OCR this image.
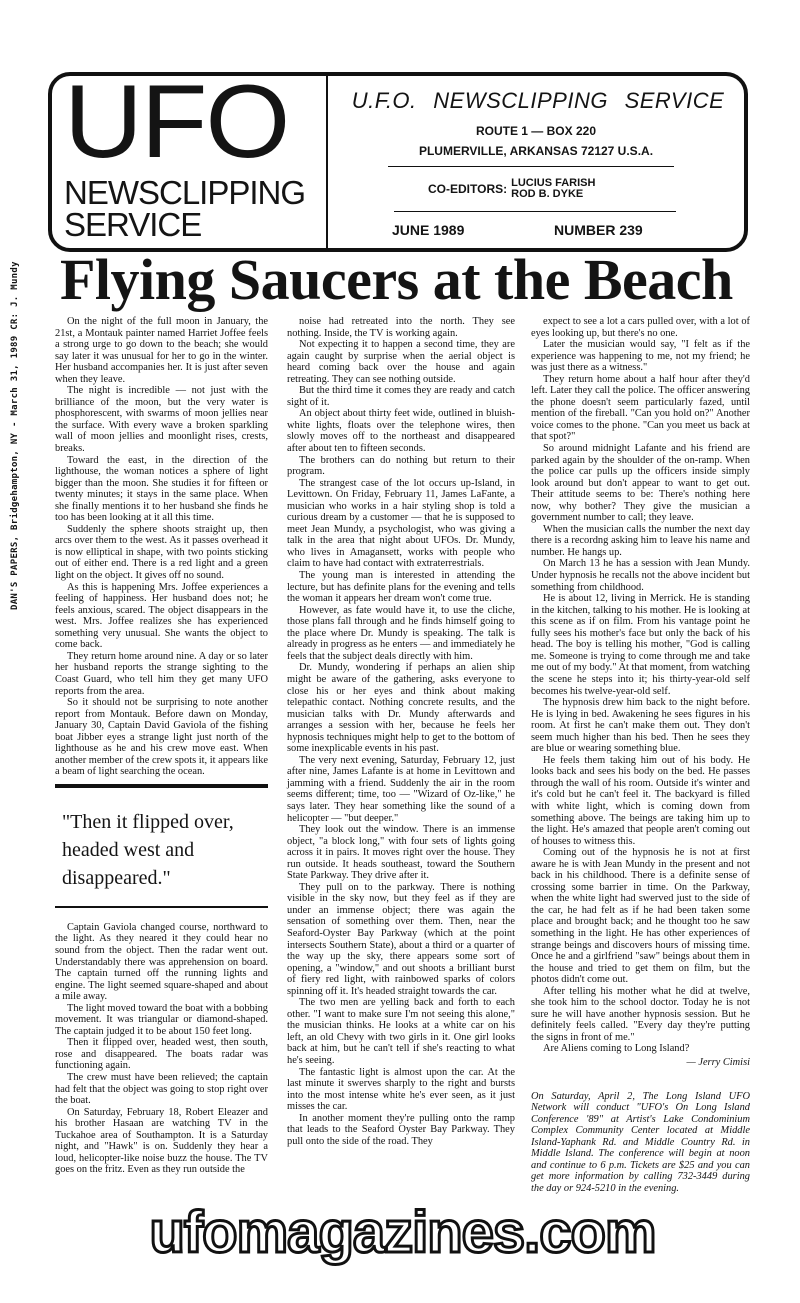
UFO
NEWSCLIPPING
SERVICE
U.F.O. NEWSCLIPPING SERVICE
ROUTE 1 — BOX 220
PLUMERVILLE, ARKANSAS 72127 U.S.A.
CO-EDITORS: LUCIUS FARISH
ROD B. DYKE
JUNE 1989	NUMBER 239
DAN'S PAPERS, Bridgehampton, NY - March 31, 1989 CR: J. Mundy Flying Saucers at the Beach

On the night of the full moon in January, the 21st, a Montauk painter named Harriet Joffee feels a strong urge to go down to the beach; she would say later it was unusual for her to go in the winter. Her husband accompanies her. It is just after seven when they leave.

The night is incredible — not just with the brilliance of the moon, but the very water is phosphorescent, with swarms of moon jellies near the surface. With every wave a broken sparkling wall of moon jellies and moonlight rises, crests, breaks.

Toward the east, in the direction of the lighthouse, the woman notices a sphere of light bigger than the moon. She studies it for fifteen or twenty minutes; it stays in the same place. When she finally mentions it to her husband she finds he too has been looking at it all this time.

Suddenly the sphere shoots straight up, then arcs over them to the west. As it passes overhead it is now elliptical in shape, with two points sticking out of either end. There is a red light and a green light on the object. It gives off no sound.

As this is happening Mrs. Joffee experiences a feeling of happiness. Her husband does not; he feels anxious, scared. The object disappears in the west. Mrs. Joffee realizes she has experienced something very unusual. She wants the object to come back.

They return home around nine. A day or so later her husband reports the strange sighting to the Coast Guard, who tell him they get many UFO reports from the area.

So it should not be surprising to note another report from Montauk. Before dawn on Monday, January 30, Captain David Gaviola of the fishing boat Jibber eyes a strange light just north of the lighthouse as he and his crew move east. When another member of the crew spots it, it appears like a beam of light searching the ocean.

"Then it flipped over, headed west and disappeared."

Captain Gaviola changed course, northward to the light. As they neared it they could hear no sound from the object. Then the radar went out. Understandably there was apprehension on board. The captain turned off the running lights and engine. The light seemed square-shaped and about a mile away.

The light moved toward the boat with a bobbing movement. It was triangular or diamond-shaped. The captain judged it to be about 150 feet long.

Then it flipped over, headed west, then south, rose and disappeared. The boats radar was functioning again.

The crew must have been relieved; the captain had felt that the object was going to stop right over the boat.

On Saturday, February 18, Robert Eleazer and his brother Hasaan are watching TV in the Tuckahoe area of Southampton. It is a Saturday night, and "Hawk" is on. Suddenly they hear a loud, helicopter-like noise buzz the house. The TV goes on the fritz. Even as they run outside the

noise had retreated into the north. They see nothing. Inside, the TV is working again.

Not expecting it to happen a second time, they are again caught by surprise when the aerial object is heard coming back over the house and again retreating. They can see nothing outside.

But the third time it comes they are ready and catch sight of it.

An object about thirty feet wide, outlined in bluish-white lights, floats over the telephone wires, then slowly moves off to the northeast and disappeared after about ten to fifteen seconds.

The brothers can do nothing but return to their program.

The strangest case of the lot occurs up-Island, in Levittown. On Friday, February 11, James LaFante, a musician who works in a hair styling shop is told a curious dream by a customer — that he is supposed to meet Jean Mundy, a psychologist, who was giving a talk in the area that night about UFOs. Dr. Mundy, who lives in Amagansett, works with people who claim to have had contact with extraterrestrials.

The young man is interested in attending the lecture, but has definite plans for the evening and tells the woman it appears her dream won't come true.

However, as fate would have it, to use the cliche, those plans fall through and he finds himself going to the place where Dr. Mundy is speaking. The talk is already in progress as he enters — and immediately he feels that the subject deals directly with him.

Dr. Mundy, wondering if perhaps an alien ship might be aware of the gathering, asks everyone to close his or her eyes and think about making telepathic contact. Nothing concrete results, and the musician talks with Dr. Mundy afterwards and arranges a session with her, because he feels her hypnosis techniques might help to get to the bottom of some inexplicable events in his past.

The very next evening, Saturday, February 12, just after nine, James Lafante is at home in Levittown and jamming with a friend. Suddenly the air in the room seems different; time, too — "Wizard of Oz-like," he says later. They hear something like the sound of a helicopter — "but deeper."

They look out the window. There is an immense object, "a block long," with four sets of lights going across it in pairs. It moves right over the house. They run outside. It heads southeast, toward the Southern State Parkway. They drive after it.

They pull on to the parkway. There is nothing visible in the sky now, but they feel as if they are under an immense object; there was again the sensation of something over them. Then, near the Seaford-Oyster Bay Parkway (which at the point intersects Southern State), about a third or a quarter of the way up the sky, there appears some sort of opening, a "window," and out shoots a brilliant burst of fiery red light, with rainbowed sparks of colors spinning off it. It's headed straight towards the car.

The two men are yelling back and forth to each other. "I want to make sure I'm not seeing this alone," the musician thinks. He looks at a white car on his left, an old Chevy with two girls in it. One girl looks back at him, but he can't tell if she's reacting to what he's seeing.

The fantastic light is almost upon the car. At the last minute it swerves sharply to the right and bursts into the most intense white he's ever seen, as it just misses the car.

In another moment they're pulling onto the ramp that leads to the Seaford Oyster Bay Parkway. They pull onto the side of the road. They

expect to see a lot a cars pulled over, with a lot of eyes looking up, but there's no one.

Later the musician would say, "I felt as if the experience was happening to me, not my friend; he was just there as a witness."

They return home about a half hour after they'd left. Later they call the police. The officer answering the phone doesn't seem particularly fazed, until mention of the fireball. "Can you hold on?" Another voice comes to the phone. "Can you meet us back at that spot?"

So around midnight Lafante and his friend are parked again by the shoulder of the on-ramp. When the police car pulls up the officers inside simply look around but don't appear to want to get out. Their attitude seems to be: There's nothing here now, why bother? They give the musician a government number to call; they leave.

When the musician calls the number the next day there is a recordng asking him to leave his name and number. He hangs up.

On March 13 he has a session with Jean Mundy. Under hypnosis he recalls not the above incident but something from childhood.

He is about 12, living in Merrick. He is standing in the kitchen, talking to his mother. He is looking at this scene as if on film. From his vantage point he fully sees his mother's face but only the back of his head. The boy is telling his mother, "God is calling me. Someone is trying to come through me and take me out of my body." At that moment, from watching the scene he steps into it; his thirty-year-old self becomes his twelve-year-old self.

The hypnosis drew him back to the night before. He is lying in bed. Awakening he sees figures in his room. At first he can't make them out. They don't seem much higher than his bed. Then he sees they are blue or wearing something blue.

He feels them taking him out of his body. He looks back and sees his body on the bed. He passes through the wall of his room. Outside it's winter and it's cold but he can't feel it. The backyard is filled with white light, which is coming down from something above. The beings are taking him up to the light. He's amazed that people aren't coming out of houses to witness this.

Coming out of the hypnosis he is not at first aware he is with Jean Mundy in the present and not back in his childhood. There is a definite sense of crossing some barrier in time. On the Parkway, when the white light had swerved just to the side of the car, he had felt as if he had been taken some place and brought back; and he thought too he saw something in the light. He has other experiences of strange beings and discovers hours of missing time. Once he and a girlfriend "saw" beings about them in the house and tried to get them on film, but the photos didn't come out.

After telling his mother what he did at twelve, she took him to the school doctor. Today he is not sure he will have another hypnosis session. But he definitely feels called. "Every day they're putting the signs in front of me."

Are Aliens coming to Long Island?

— Jerry Cimisi
On Saturday, April 2, The Long Island UFO Network will conduct "UFO's On Long Island Conference '89" at Artist's Lake Condominium Complex Community Center located at Middle Island-Yaphank Rd. and Middle Country Rd. in Middle Island. The conference will begin at noon and continue to 6 p.m. Tickets are $25 and you can get more information by calling 732-3449 during the day or 924-5210 in the evening.
ufomagazines.com
